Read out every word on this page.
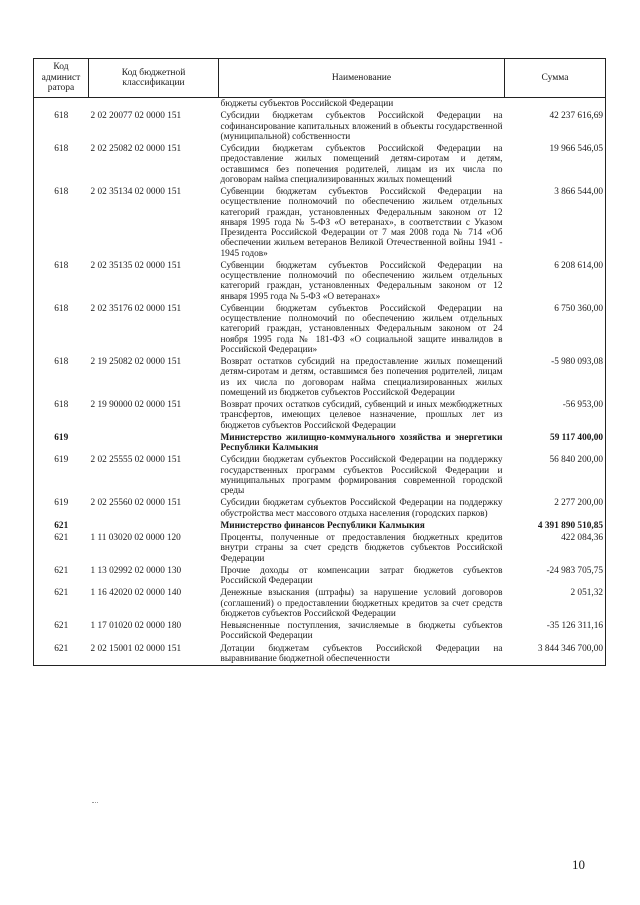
Код админист ратора	Код бюджетной классификации	Наименование	Сумма
		бюджеты субъектов Российской Федерации	
618	2 02 20077 02 0000 151	Субсидии бюджетам субъектов Российской Федерации на софинансирование капитальных вложений в объекты государственной (муниципальной) собственности	42 237 616,69
618	2 02 25082 02 0000 151	Субсидии бюджетам субъектов Российской Федерации на предоставление жилых помещений детям-сиротам и детям, оставшимся без попечения родителей, лицам из их числа по договорам найма специализированных жилых помещений	19 966 546,05
618	2 02 35134 02 0000 151	Субвенции бюджетам субъектов Российской Федерации на осуществление полномочий по обеспечению жильем отдельных категорий граждан, установленных Федеральным законом от 12 января 1995 года № 5-ФЗ «О ветеранах», в соответствии с Указом Президента Российской Федерации от 7 мая 2008 года № 714 «Об обеспечении жильем ветеранов Великой Отечественной войны 1941 - 1945 годов»	3 866 544,00
618	2 02 35135 02 0000 151	Субвенции бюджетам субъектов Российской Федерации на осуществление полномочий по обеспечению жильем отдельных категорий граждан, установленных Федеральным законом от 12 января 1995 года № 5-ФЗ «О ветеранах»	6 208 614,00
618	2 02 35176 02 0000 151	Субвенции бюджетам субъектов Российской Федерации на осуществление полномочий по обеспечению жильем отдельных категорий граждан, установленных Федеральным законом от 24 ноября 1995 года № 181-ФЗ «О социальной защите инвалидов в Российской Федерации»	6 750 360,00
618	2 19 25082 02 0000 151	Возврат остатков субсидий на предоставление жилых помещений детям-сиротам и детям, оставшимся без попечения родителей, лицам из их числа по договорам найма специализированных жилых помещений из бюджетов субъектов Российской Федерации	-5 980 093,08
618	2 19 90000 02 0000 151	Возврат прочих остатков субсидий, субвенций и иных межбюджетных трансфертов, имеющих целевое назначение, прошлых лет из бюджетов субъектов Российской Федерации	-56 953,00
619		Министерство жилищно-коммунального хозяйства и энергетики Республики Калмыкия	59 117 400,00
619	2 02 25555 02 0000 151	Субсидии бюджетам субъектов Российской Федерации на поддержку государственных программ субъектов Российской Федерации и муниципальных программ формирования современной городской среды	56 840 200,00
619	2 02 25560 02 0000 151	Субсидии бюджетам субъектов Российской Федерации на поддержку обустройства мест массового отдыха населения (городских парков)	2 277 200,00
621		Министерство финансов Республики Калмыкия	4 391 890 510,85
621	1 11 03020 02 0000 120	Проценты, полученные от предоставления бюджетных кредитов внутри страны за счет средств бюджетов субъектов Российской Федерации	422 084,36
621	1 13 02992 02 0000 130	Прочие доходы от компенсации затрат бюджетов субъектов Российской Федерации	-24 983 705,75
621	1 16 42020 02 0000 140	Денежные взыскания (штрафы) за нарушение условий договоров (соглашений) о предоставлении бюджетных кредитов за счет средств бюджетов субъектов Российской Федерации	2 051,32
621	1 17 01020 02 0000 180	Невыясненные поступления, зачисляемые в бюджеты субъектов Российской Федерации	-35 126 311,16
621	2 02 15001 02 0000 151	Дотации бюджетам субъектов Российской Федерации на выравнивание бюджетной обеспеченности	3 844 346 700,00
10
